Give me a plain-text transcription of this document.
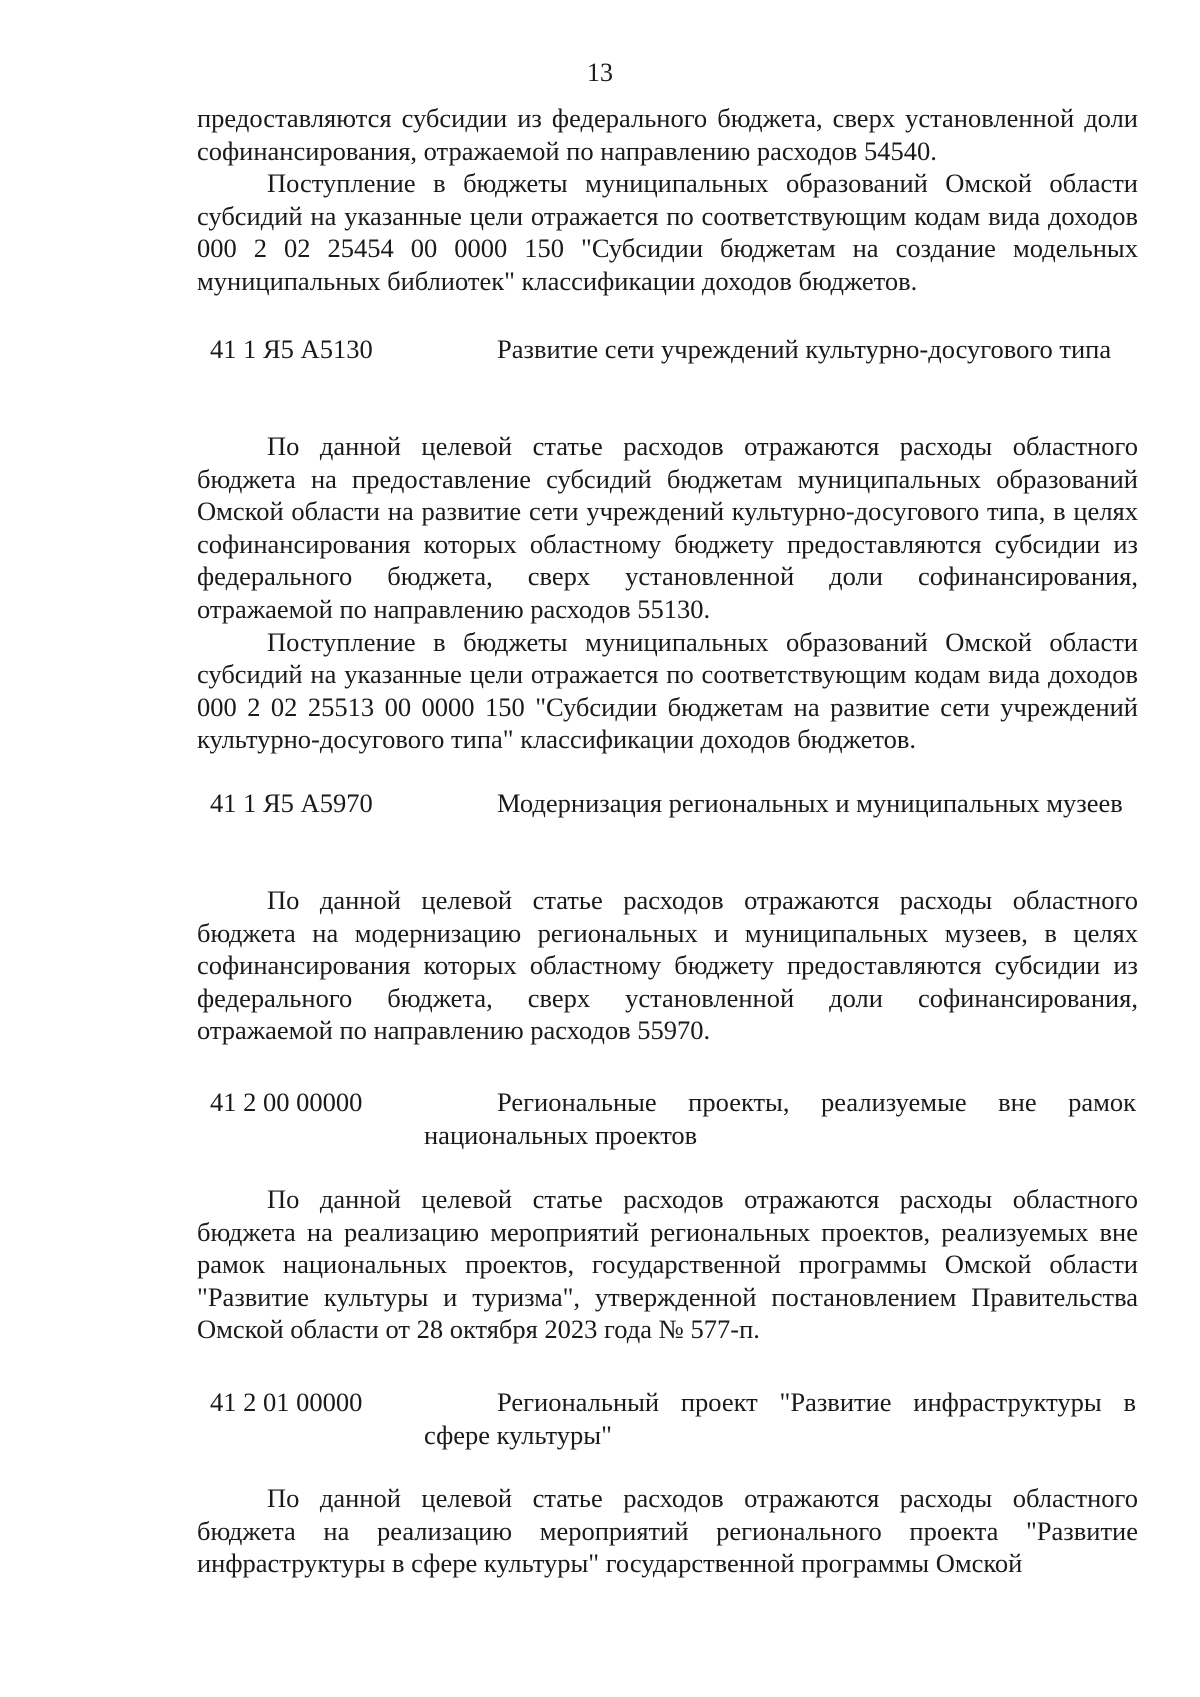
13

предоставляются субсидии из федерального бюджета, сверх установленной доли софинансирования, отражаемой по направлению расходов 54540.

Поступление в бюджеты муниципальных образований Омской области субсидий на указанные цели отражается по соответствующим кодам вида доходов 000 2 02 25454 00 0000 150 "Субсидии бюджетам на создание модельных муниципальных библиотек" классификации доходов бюджетов.

41 1 Я5 А5130	Развитие сети учреждений культурно-досугового типа

По данной целевой статье расходов отражаются расходы областного бюджета на предоставление субсидий бюджетам муниципальных образований Омской области на развитие сети учреждений культурно-досугового типа, в целях софинансирования которых областному бюджету предоставляются субсидии из федерального бюджета, сверх установленной доли софинансирования, отражаемой по направлению расходов 55130.

Поступление в бюджеты муниципальных образований Омской области субсидий на указанные цели отражается по соответствующим кодам вида доходов 000 2 02 25513 00 0000 150 "Субсидии бюджетам на развитие сети учреждений культурно-досугового типа" классификации доходов бюджетов.

41 1 Я5 А5970	Модернизация региональных и муниципальных музеев

По данной целевой статье расходов отражаются расходы областного бюджета на модернизацию региональных и муниципальных музеев, в целях софинансирования которых областному бюджету предоставляются субсидии из федерального бюджета, сверх установленной доли софинансирования, отражаемой по направлению расходов 55970.

41 2 00 00000	Региональные проекты, реализуемые вне рамок национальных проектов

По данной целевой статье расходов отражаются расходы областного бюджета на реализацию мероприятий региональных проектов, реализуемых вне рамок национальных проектов, государственной программы Омской области "Развитие культуры и туризма", утвержденной постановлением Правительства Омской области от 28 октября 2023 года № 577-п.

41 2 01 00000	Региональный проект "Развитие инфраструктуры в сфере культуры"

По данной целевой статье расходов отражаются расходы областного бюджета на реализацию мероприятий регионального проекта "Развитие инфраструктуры в сфере культуры" государственной программы Омской
